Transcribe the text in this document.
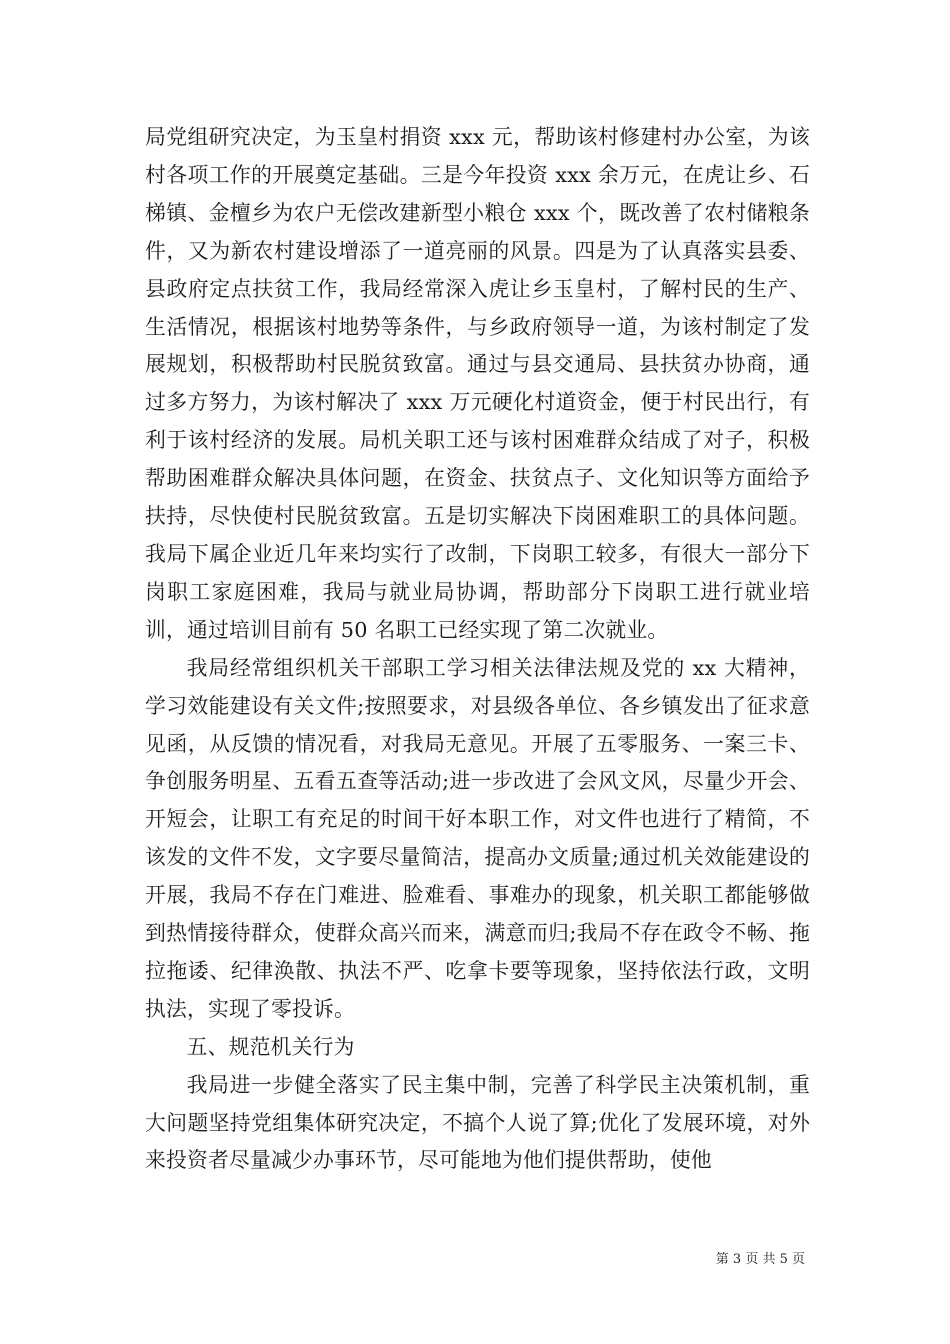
局党组研究决定，为玉皇村捐资 xxx 元，帮助该村修建村办公室，为该村各项工作的开展奠定基础。三是今年投资 xxx 余万元，在虎让乡、石梯镇、金檀乡为农户无偿改建新型小粮仓 xxx 个，既改善了农村储粮条件，又为新农村建设增添了一道亮丽的风景。四是为了认真落实县委、县政府定点扶贫工作，我局经常深入虎让乡玉皇村，了解村民的生产、生活情况，根据该村地势等条件，与乡政府领导一道，为该村制定了发展规划，积极帮助村民脱贫致富。通过与县交通局、县扶贫办协商，通过多方努力，为该村解决了 xxx 万元硬化村道资金，便于村民出行，有利于该村经济的发展。局机关职工还与该村困难群众结成了对子，积极帮助困难群众解决具体问题，在资金、扶贫点子、文化知识等方面给予扶持，尽快使村民脱贫致富。五是切实解决下岗困难职工的具体问题。我局下属企业近几年来均实行了改制，下岗职工较多，有很大一部分下岗职工家庭困难，我局与就业局协调，帮助部分下岗职工进行就业培训，通过培训目前有 50 名职工已经实现了第二次就业。

我局经常组织机关干部职工学习相关法律法规及党的 xx 大精神，学习效能建设有关文件;按照要求，对县级各单位、各乡镇发出了征求意见函，从反馈的情况看，对我局无意见。开展了五零服务、一案三卡、争创服务明星、五看五查等活动;进一步改进了会风文风，尽量少开会、开短会，让职工有充足的时间干好本职工作，对文件也进行了精简，不该发的文件不发，文字要尽量简洁，提高办文质量;通过机关效能建设的开展，我局不存在门难进、脸难看、事难办的现象，机关职工都能够做到热情接待群众，使群众高兴而来，满意而归;我局不存在政令不畅、拖拉拖诿、纪律涣散、执法不严、吃拿卡要等现象，坚持依法行政，文明执法，实现了零投诉。

五、规范机关行为

我局进一步健全落实了民主集中制，完善了科学民主决策机制，重大问题坚持党组集体研究决定，不搞个人说了算;优化了发展环境，对外来投资者尽量减少办事环节，尽可能地为他们提供帮助，使他

第 3 页 共 5 页
